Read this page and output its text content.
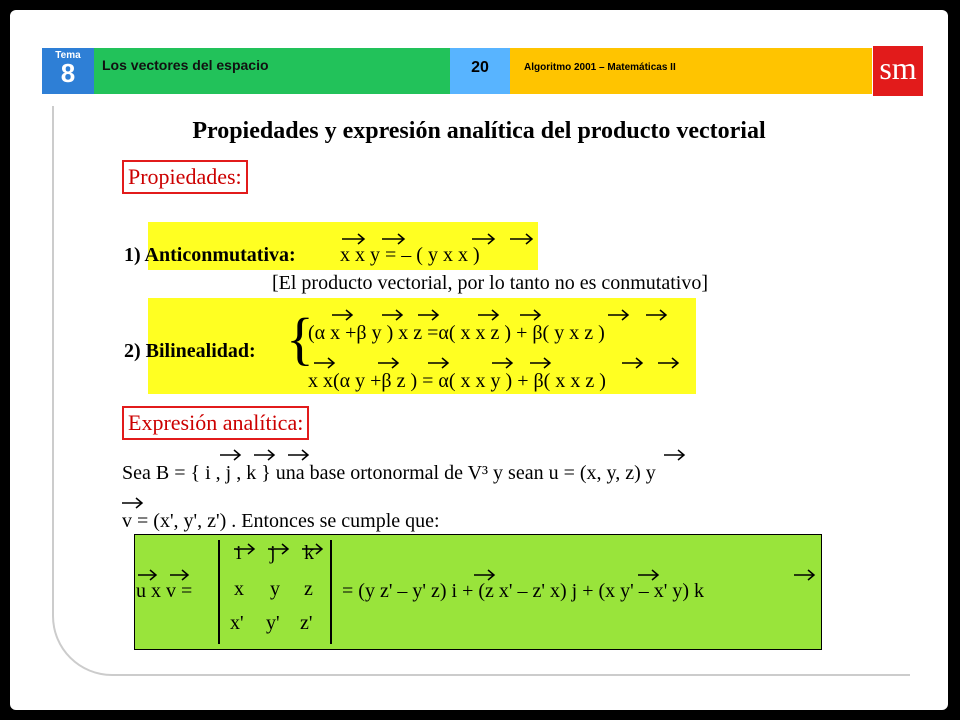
Tema
8	Los vectores del espacio	20	Algoritmo 2001 – Matemáticas II	sm
Propiedades y expresión analítica del producto vectorial
Propiedades:
1) Anticonmutativa: x x y = – ( y x x )
[El producto vectorial, por lo tanto no es conmutativo]
2) Bilinealidad: {
(α x +β y ) x z =α( x x z ) + β( y x z )
x x(α y +β z ) = α( x x y ) + β( x x z )
Expresión analítica:
Sea B = { i , j , k } una base ortonormal de V³ y sean u = (x, y, z) y
v = (x', y', z') . Entonces se cumple que:
u x v =
i j k
x y z
x' y' z'
= (y z' – y' z) i + (z x' – z' x) j + (x y' – x' y) k
